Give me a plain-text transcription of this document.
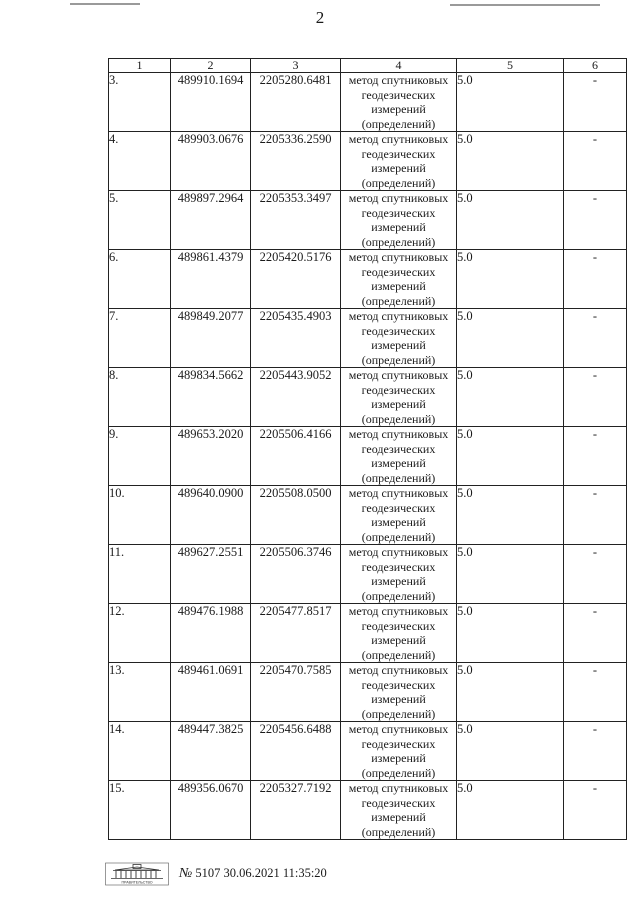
2
1	2	3	4	5	6
3.	489910.1694	2205280.6481	метод спутниковых геодезических измерений (определений)	5.0	-
4.	489903.0676	2205336.2590	метод спутниковых геодезических измерений (определений)	5.0	-
5.	489897.2964	2205353.3497	метод спутниковых геодезических измерений (определений)	5.0	-
6.	489861.4379	2205420.5176	метод спутниковых геодезических измерений (определений)	5.0	-
7.	489849.2077	2205435.4903	метод спутниковых геодезических измерений (определений)	5.0	-
8.	489834.5662	2205443.9052	метод спутниковых геодезических измерений (определений)	5.0	-
9.	489653.2020	2205506.4166	метод спутниковых геодезических измерений (определений)	5.0	-
10.	489640.0900	2205508.0500	метод спутниковых геодезических измерений (определений)	5.0	-
11.	489627.2551	2205506.3746	метод спутниковых геодезических измерений (определений)	5.0	-
12.	489476.1988	2205477.8517	метод спутниковых геодезических измерений (определений)	5.0	-
13.	489461.0691	2205470.7585	метод спутниковых геодезических измерений (определений)	5.0	-
14.	489447.3825	2205456.6488	метод спутниковых геодезических измерений (определений)	5.0	-
15.	489356.0670	2205327.7192	метод спутниковых геодезических измерений (определений)	5.0	-
ПРАВИТЕЛЬСТВО
№ 5107 30.06.2021 11:35:20
